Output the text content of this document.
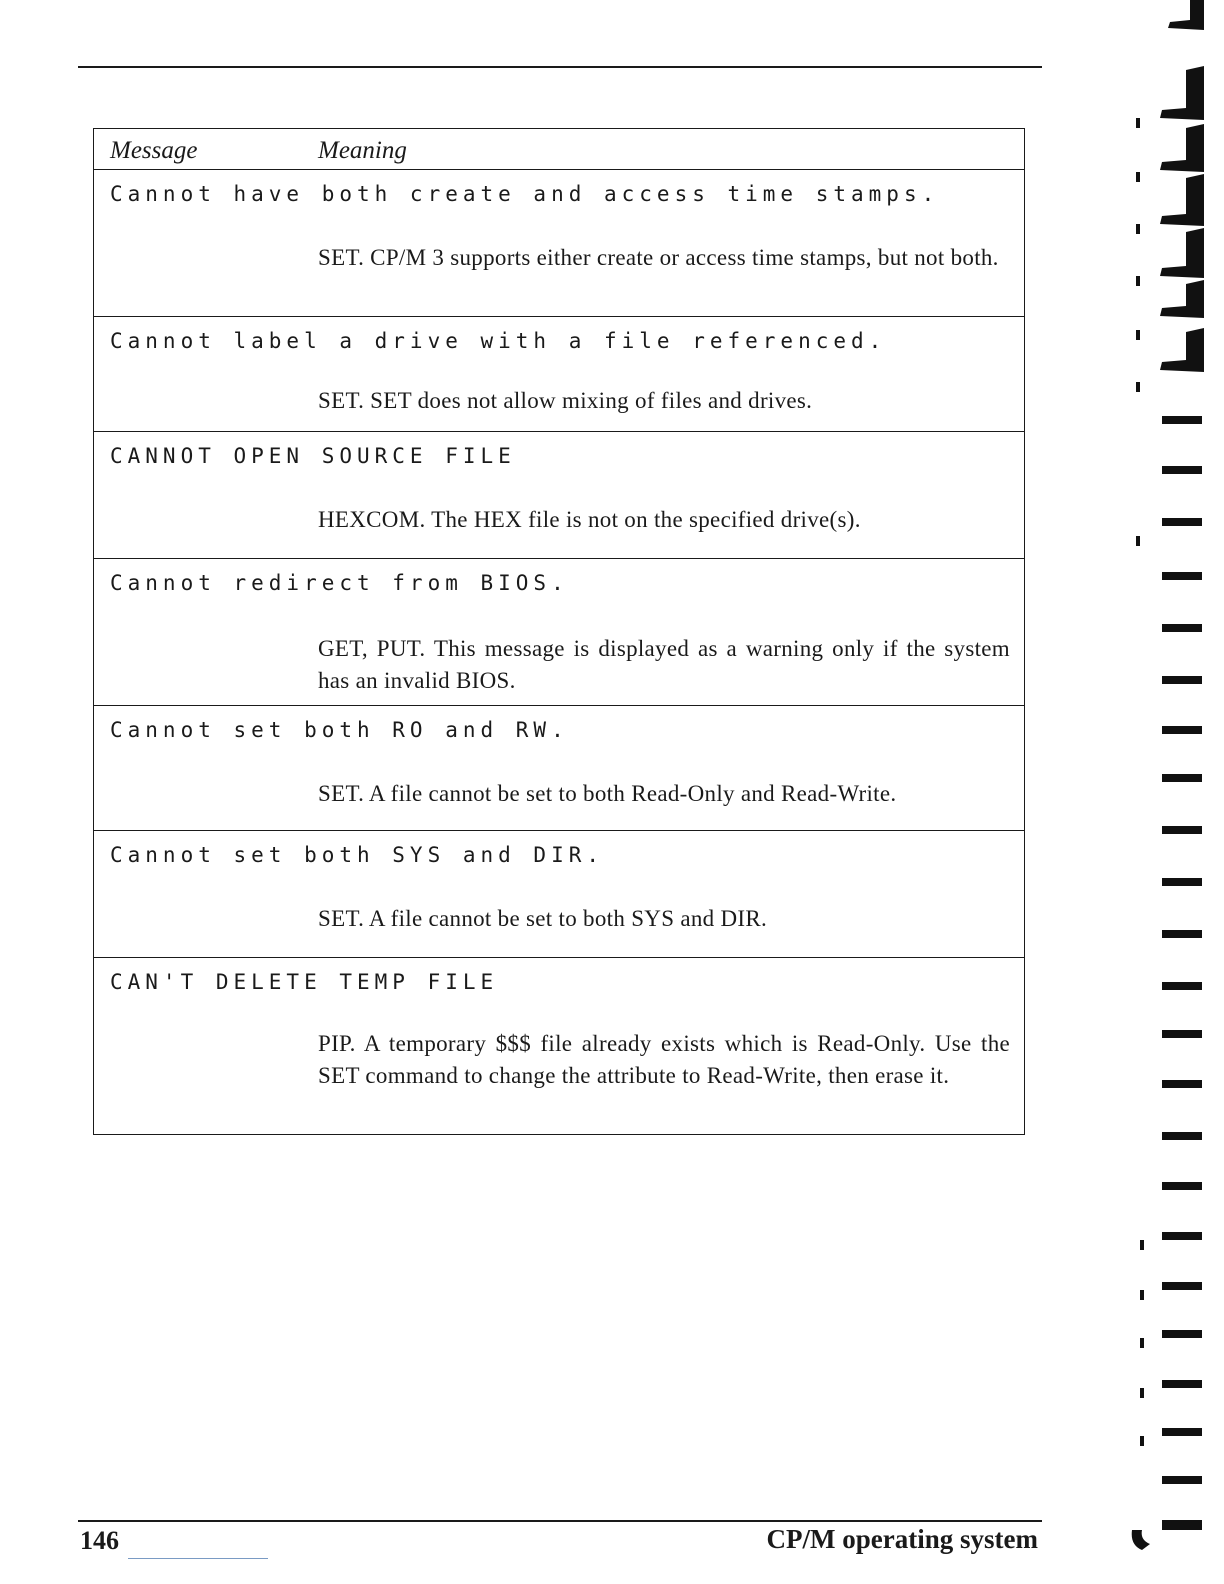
Message	Meaning
Cannot have both create and access time stamps.
SET. CP/M 3 supports either create or access time stamps, but not both.
Cannot label a drive with a file referenced.
SET. SET does not allow mixing of files and drives.
CANNOT OPEN SOURCE FILE
HEXCOM. The HEX file is not on the specified drive(s).
Cannot redirect from BIOS.
GET, PUT. This message is displayed as a warning only if the system has an invalid BIOS.
Cannot set both RO and RW.
SET. A file cannot be set to both Read-Only and Read-Write.
Cannot set both SYS and DIR.
SET. A file cannot be set to both SYS and DIR.
CAN'T DELETE TEMP FILE
PIP. A temporary $$$ file already exists which is Read-Only. Use the SET command to change the attribute to Read-Write, then erase it.
146	CP/M operating system
